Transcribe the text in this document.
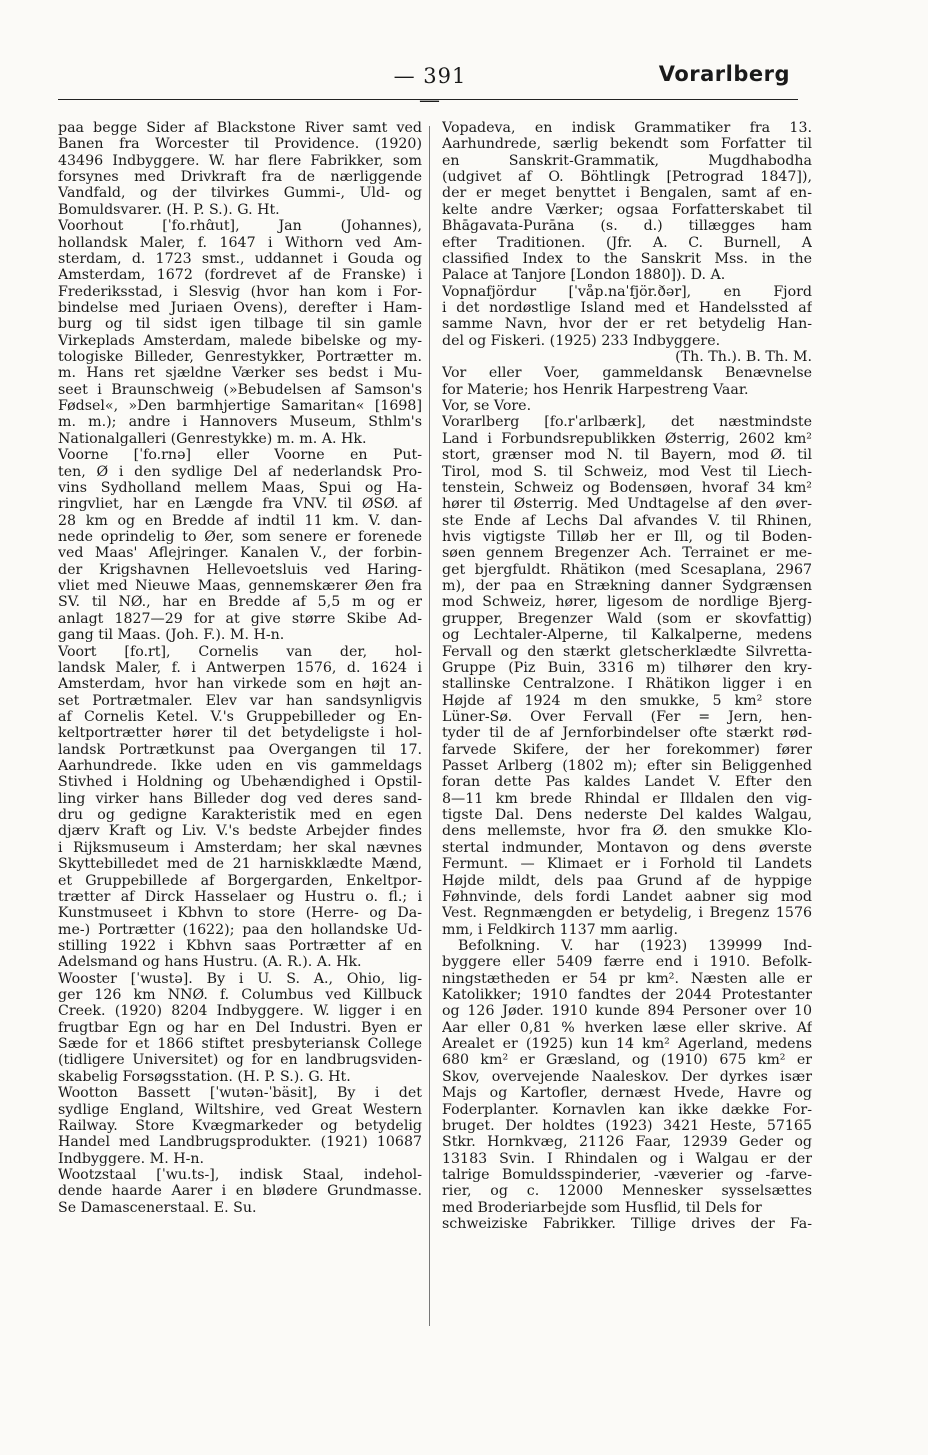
— 391 —
Vorarlberg
paa begge Sider af Blackstone River samt ved
Banen fra Worcester til Providence. (1920)
43496 Indbyggere. W. har flere Fabrikker, som
forsynes med Drivkraft fra de nærliggende
Vandfald, og der tilvirkes Gummi-, Uld- og
Bomuldsvarer. (H. P. S.). G. Ht.
Voorhout [ˈfo.rhɑ̂ut], Jan (Johannes),
hollandsk Maler, f. 1647 i Withorn ved Am-
sterdam, d. 1723 smst., uddannet i Gouda og
Amsterdam, 1672 (fordrevet af de Franske) i
Frederiksstad, i Slesvig (hvor han kom i For-
bindelse med Juriaen Ovens), derefter i Ham-
burg og til sidst igen tilbage til sin gamle
Virkeplads Amsterdam, malede bibelske og my-
tologiske Billeder, Genrestykker, Portrætter m.
m. Hans ret sjældne Værker ses bedst i Mu-
seet i Braunschweig (»Bebudelsen af Samson's
Fødsel«, »Den barmhjertige Samaritan« [1698]
m. m.); andre i Hannovers Museum, Sthlm's
Nationalgalleri (Genrestykke) m. m. A. Hk.
Voorne [ˈfo.rnə] eller Voorne en Put-
ten, Ø i den sydlige Del af nederlandsk Pro-
vins Sydholland mellem Maas, Spui og Ha-
ringvliet, har en Længde fra VNV. til ØSØ. af
28 km og en Bredde af indtil 11 km. V. dan-
nede oprindelig to Øer, som senere er forenede
ved Maas' Aflejringer. Kanalen V., der forbin-
der Krigshavnen Hellevoetsluis ved Haring-
vliet med Nieuwe Maas, gennemskærer Øen fra
SV. til NØ., har en Bredde af 5,5 m og er
anlagt 1827—29 for at give større Skibe Ad-
gang til Maas. (Joh. F.). M. H-n.
Voort [fo.rt], Cornelis van der, hol-
landsk Maler, f. i Antwerpen 1576, d. 1624 i
Amsterdam, hvor han virkede som en højt an-
set Portrætmaler. Elev var han sandsynligvis
af Cornelis Ketel. V.'s Gruppebilleder og En-
keltportrætter hører til det betydeligste i hol-
landsk Portrætkunst paa Overgangen til 17.
Aarhundrede. Ikke uden en vis gammeldags
Stivhed i Holdning og Ubehændighed i Opstil-
ling virker hans Billeder dog ved deres sand-
dru og gedigne Karakteristik med en egen
djærv Kraft og Liv. V.'s bedste Arbejder findes
i Rijksmuseum i Amsterdam; her skal nævnes
Skyttebilledet med de 21 harniskklædte Mænd,
et Gruppebillede af Borgergarden, Enkeltpor-
trætter af Dirck Hasselaer og Hustru o. fl.; i
Kunstmuseet i Kbhvn to store (Herre- og Da-
me-) Portrætter (1622); paa den hollandske Ud-
stilling 1922 i Kbhvn saas Portrætter af en
Adelsmand og hans Hustru. (A. R.). A. Hk.
Wooster [ˈwustə]. By i U. S. A., Ohio, lig-
ger 126 km NNØ. f. Columbus ved Killbuck
Creek. (1920) 8204 Indbyggere. W. ligger i en
frugtbar Egn og har en Del Industri. Byen er
Sæde for et 1866 stiftet presbyteriansk College
(tidligere Universitet) og for en landbrugsviden-
skabelig Forsøgsstation. (H. P. S.). G. Ht.
Wootton Bassett [ˈwutən-ˈbäsit], By i det
sydlige England, Wiltshire, ved Great Western
Railway. Store Kvægmarkeder og betydelig
Handel med Landbrugsprodukter. (1921) 10687
Indbyggere. M. H-n.
Wootzstaal [ˈwu.ts-], indisk Staal, indehol-
dende haarde Aarer i en blødere Grundmasse.
Se Damascenerstaal. E. Su.
Vopadeva, en indisk Grammatiker fra 13.
Aarhundrede, særlig bekendt som Forfatter til
en Sanskrit-Grammatik, Mugdhabodha
(udgivet af O. Böhtlingk [Petrograd 1847]),
der er meget benyttet i Bengalen, samt af en-
kelte andre Værker; ogsaa Forfatterskabet til
Bhāgavata-Purāna (s. d.) tillægges ham
efter Traditionen. (Jfr. A. C. Burnell, A
classified Index to the Sanskrit Mss. in the
Palace at Tanjore [London 1880]). D. A.
Vopnafjördur [ˈvåp.naˈfjör.ðər], en Fjord
i det nordøstlige Island med et Handelssted af
samme Navn, hvor der er ret betydelig Han-
del og Fiskeri. (1925) 233 Indbyggere.
(Th. Th.). B. Th. M.
Vor eller Voer, gammeldansk Benævnelse
for Materie; hos Henrik Harpestreng Vaar.
Vor, se Vore.
Vorarlberg [fo.rˈarlbærk], det næstmindste
Land i Forbundsrepublikken Østerrig, 2602 km²
stort, grænser mod N. til Bayern, mod Ø. til
Tirol, mod S. til Schweiz, mod Vest til Liech-
tenstein, Schweiz og Bodensøen, hvoraf 34 km²
hører til Østerrig. Med Undtagelse af den øver-
ste Ende af Lechs Dal afvandes V. til Rhinen,
hvis vigtigste Tilløb her er Ill, og til Boden-
søen gennem Bregenzer Ach. Terrainet er me-
get bjergfuldt. Rhätikon (med Scesaplana, 2967
m), der paa en Strækning danner Sydgrænsen
mod Schweiz, hører, ligesom de nordlige Bjerg-
grupper, Bregenzer Wald (som er skovfattig)
og Lechtaler-Alperne, til Kalkalperne, medens
Fervall og den stærkt gletscherklædte Silvretta-
Gruppe (Piz Buin, 3316 m) tilhører den kry-
stallinske Centralzone. I Rhätikon ligger i en
Højde af 1924 m den smukke, 5 km² store
Lüner-Sø. Over Fervall (Fer = Jern, hen-
tyder til de af Jernforbindelser ofte stærkt rød-
farvede Skifere, der her forekommer) fører
Passet Arlberg (1802 m); efter sin Beliggenhed
foran dette Pas kaldes Landet V. Efter den
8—11 km brede Rhindal er Illdalen den vig-
tigste Dal. Dens nederste Del kaldes Walgau,
dens mellemste, hvor fra Ø. den smukke Klo-
stertal indmunder, Montavon og dens øverste
Fermunt. — Klimaet er i Forhold til Landets
Højde mildt, dels paa Grund af de hyppige
Føhnvinde, dels fordi Landet aabner sig mod
Vest. Regnmængden er betydelig, i Bregenz 1576
mm, i Feldkirch 1137 mm aarlig.
Befolkning. V. har (1923) 139999 Ind-
byggere eller 5409 færre end i 1910. Befolk-
ningstætheden er 54 pr km². Næsten alle er
Katolikker; 1910 fandtes der 2044 Protestanter
og 126 Jøder. 1910 kunde 894 Personer over 10
Aar eller 0,81 % hverken læse eller skrive. Af
Arealet er (1925) kun 14 km² Agerland, medens
680 km² er Græsland, og (1910) 675 km² er
Skov, overvejende Naaleskov. Der dyrkes især
Majs og Kartofler, dernæst Hvede, Havre og
Foderplanter. Kornavlen kan ikke dække For-
bruget. Der holdtes (1923) 3421 Heste, 57165
Stkr. Hornkvæg, 21126 Faar, 12939 Geder og
13183 Svin. I Rhindalen og i Walgau er der
talrige Bomuldsspinderier, -væverier og -farve-
rier, og c. 12000 Mennesker sysselsættes
med Broderiarbejde som Husflid, til Dels for
schweiziske Fabrikker. Tillige drives der Fa-
